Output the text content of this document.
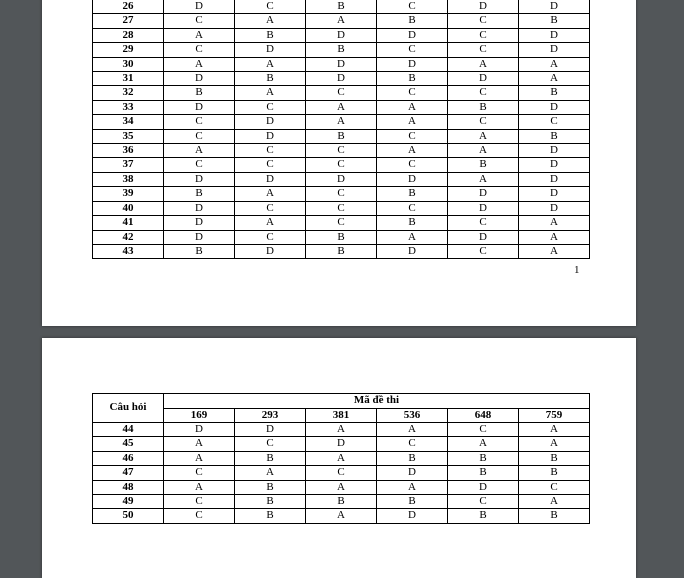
26	D	C	B	C	D	D
27	C	A	A	B	C	B
28	A	B	D	D	C	D
29	C	D	B	C	C	D
30	A	A	D	D	A	A
31	D	B	D	B	D	A
32	B	A	C	C	C	B
33	D	C	A	A	B	D
34	C	D	A	A	C	C
35	C	D	B	C	A	B
36	A	C	C	A	A	D
37	C	C	C	C	B	D
38	D	D	D	D	A	D
39	B	A	C	B	D	D
40	D	C	C	C	D	D
41	D	A	C	B	C	A
42	D	C	B	A	D	A
43	B	D	B	D	C	A
1
Câu hỏi	Mã đề thi					
	169	293	381	536	648	759
44	D	D	A	A	C	A
45	A	C	D	C	A	A
46	A	B	A	B	B	B
47	C	A	C	D	B	B
48	A	B	A	A	D	C
49	C	B	B	B	C	A
50	C	B	A	D	B	B
